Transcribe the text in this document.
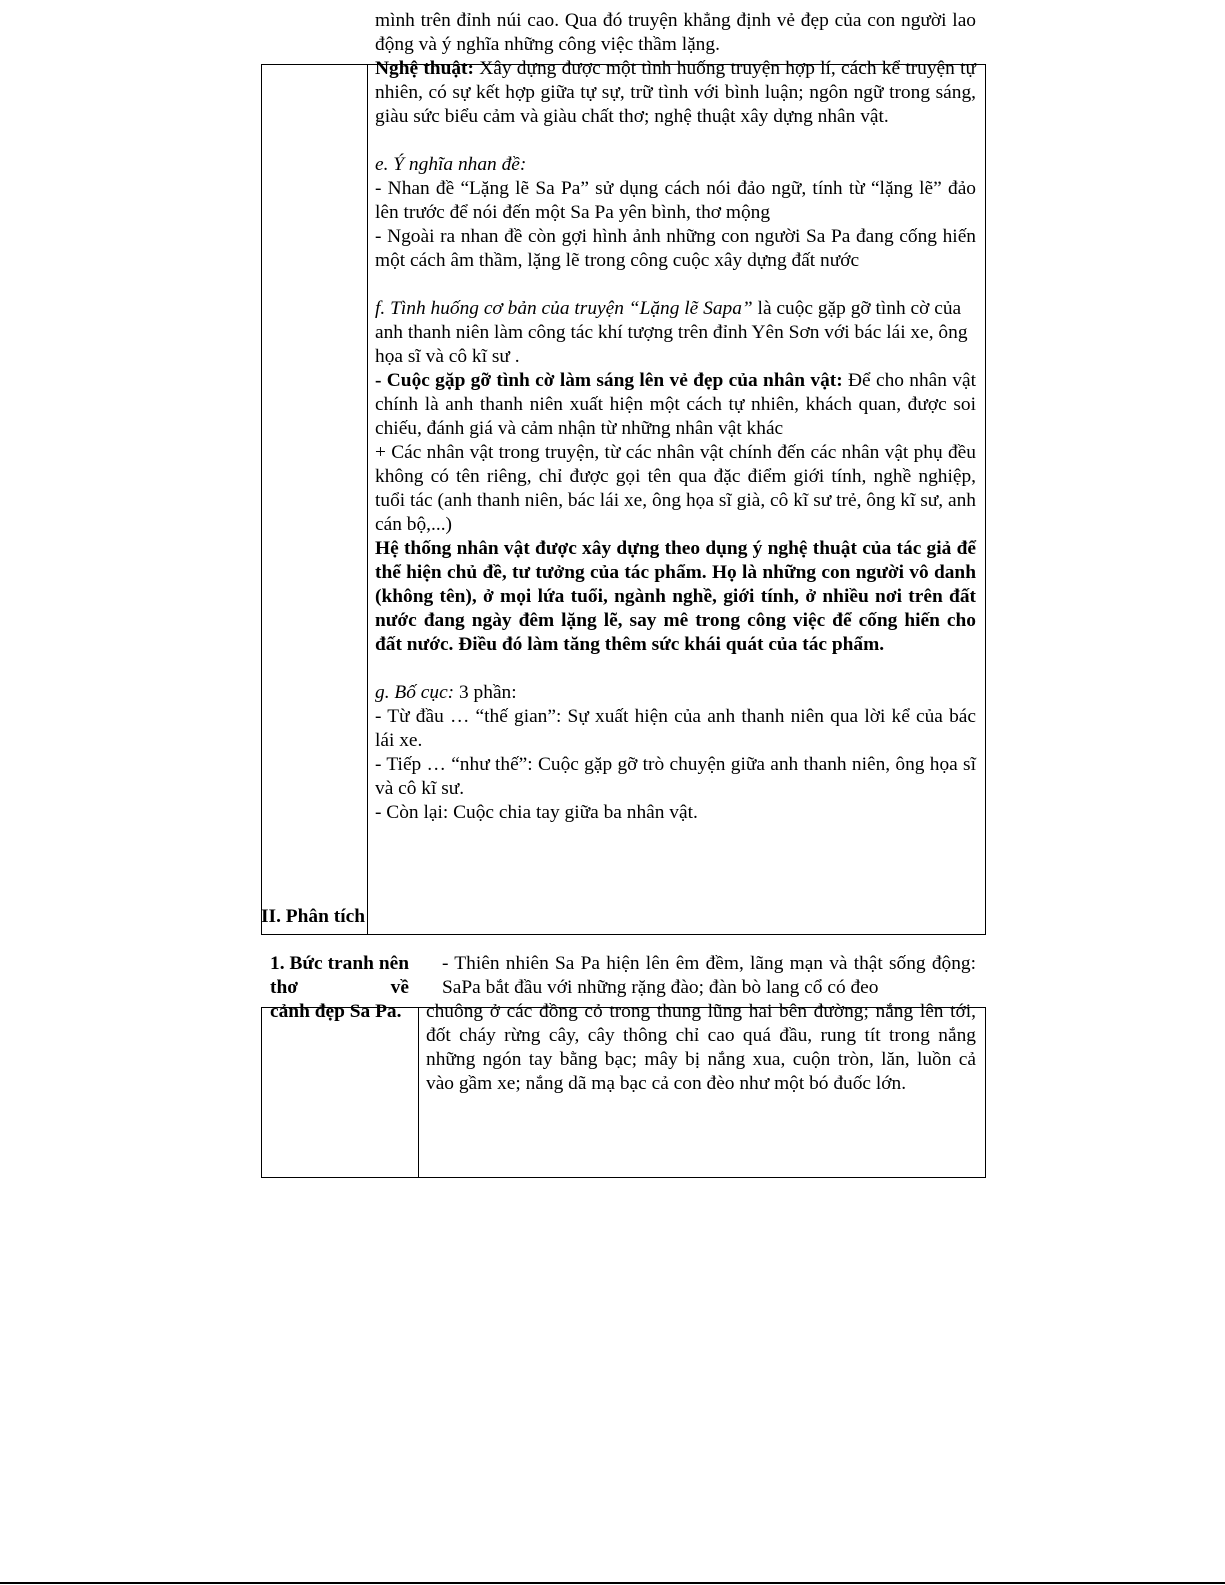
mình trên đỉnh núi cao. Qua đó truyện khẳng định vẻ đẹp của con người lao động và ý nghĩa những công việc thầm lặng.

Nghệ thuật: Xây dựng được một tình huống truyện hợp lí, cách kể truyện tự nhiên, có sự kết hợp giữa tự sự, trữ tình với bình luận; ngôn ngữ trong sáng, giàu sức biểu cảm và giàu chất thơ; nghệ thuật xây dựng nhân vật.

e. Ý nghĩa nhan đề:

- Nhan đề “Lặng lẽ Sa Pa” sử dụng cách nói đảo ngữ, tính từ “lặng lẽ” đảo lên trước để nói đến một Sa Pa yên bình, thơ mộng

- Ngoài ra nhan đề còn gợi hình ảnh những con người Sa Pa đang cống hiến một cách âm thầm, lặng lẽ trong công cuộc xây dựng đất nước

f. Tình huống cơ bản của truyện “Lặng lẽ Sapa” là cuộc gặp gỡ tình cờ của anh thanh niên làm công tác khí tượng trên đỉnh Yên Sơn với bác lái xe, ông họa sĩ và cô kĩ sư .

- Cuộc gặp gỡ tình cờ làm sáng lên vẻ đẹp của nhân vật: Để cho nhân vật chính là anh thanh niên xuất hiện một cách tự nhiên, khách quan, được soi chiếu, đánh giá và cảm nhận từ những nhân vật khác

+ Các nhân vật trong truyện, từ các nhân vật chính đến các nhân vật phụ đều không có tên riêng, chỉ được gọi tên qua đặc điểm giới tính, nghề nghiệp, tuổi tác (anh thanh niên, bác lái xe, ông họa sĩ già, cô kĩ sư trẻ, ông kĩ sư, anh cán bộ,...)

Hệ thống nhân vật được xây dựng theo dụng ý nghệ thuật của tác giả để thể hiện chủ đề, tư tưởng của tác phẩm. Họ là những con người vô danh (không tên), ở mọi lứa tuổi, ngành nghề, giới tính, ở nhiều nơi trên đất nước đang ngày đêm lặng lẽ, say mê trong công việc để cống hiến cho đất nước. Điều đó làm tăng thêm sức khái quát của tác phẩm.

g. Bố cục: 3 phần:

- Từ đầu … “thế gian”: Sự xuất hiện của anh thanh niên qua lời kể của bác lái xe.

- Tiếp … “như thế”: Cuộc gặp gỡ trò chuyện giữa anh thanh niên, ông họa sĩ và cô kĩ sư.

- Còn lại: Cuộc chia tay giữa ba nhân vật.

II. Phân tích
1. Bức tranh nên thơ về
cảnh đẹp Sa Pa.
- Thiên nhiên Sa Pa hiện lên êm đềm, lãng mạn và thật sống động: SaPa bắt đầu với những rặng đào; đàn bò lang cổ có đeo
chuông ở các đồng cỏ trong thung lũng hai bên đường; nắng lên tới, đốt cháy rừng cây, cây thông chỉ cao quá đầu, rung tít trong nắng những ngón tay bằng bạc; mây bị nắng xua, cuộn tròn, lăn, luồn cả vào gầm xe; nắng dã mạ bạc cả con đèo như một bó đuốc lớn.
